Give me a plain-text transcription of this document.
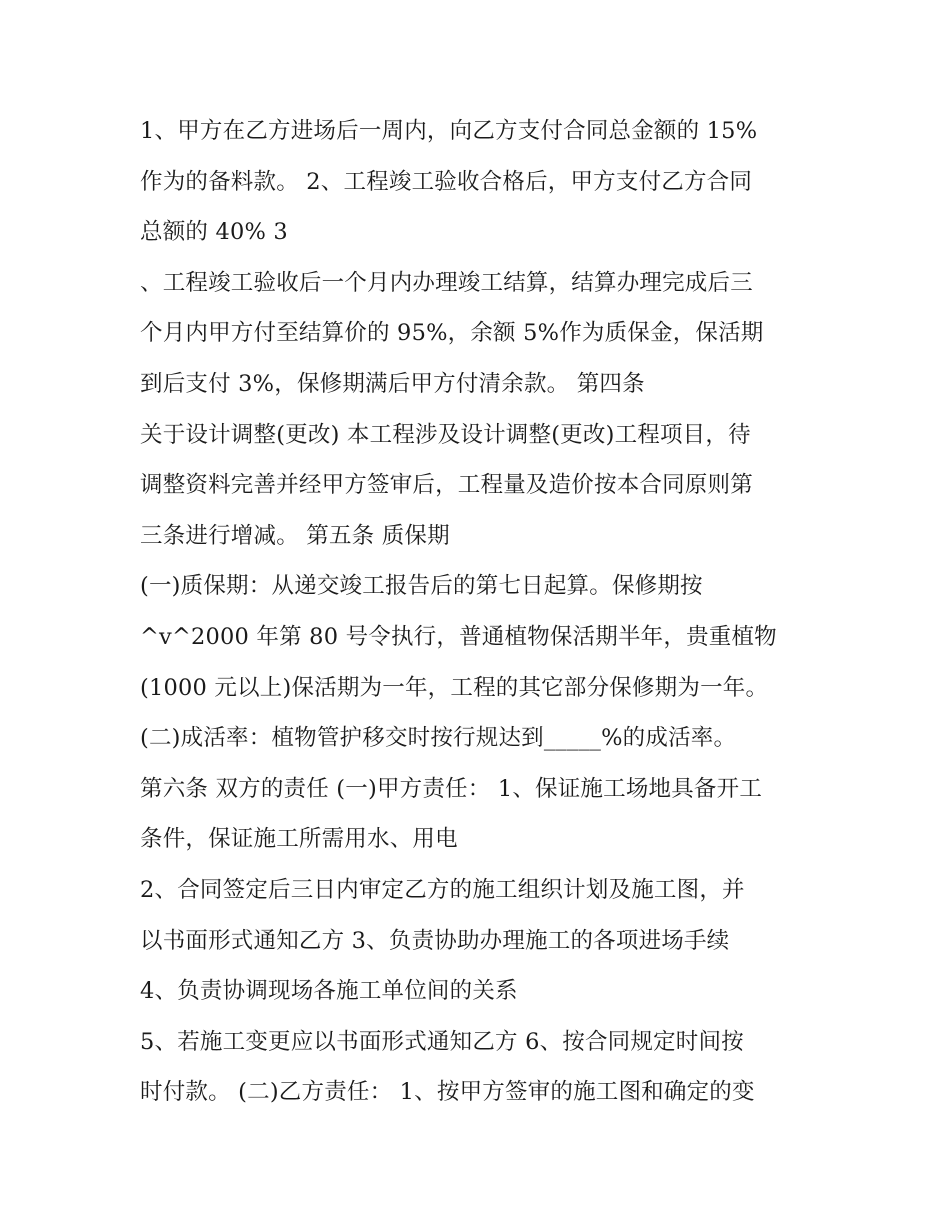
1、甲方在乙方进场后一周内，向乙方支付合同总金额的 15%
作为的备料款。 2、工程竣工验收合格后，甲方支付乙方合同
总额的 40% 3
、工程竣工验收后一个月内办理竣工结算，结算办理完成后三
个月内甲方付至结算价的 95%，余额 5%作为质保金，保活期
到后支付 3%，保修期满后甲方付清余款。 第四条
关于设计调整(更改) 本工程涉及设计调整(更改)工程项目，待
调整资料完善并经甲方签审后，工程量及造价按本合同原则第
三条进行增减。 第五条 质保期
(一)质保期：从递交竣工报告后的第七日起算。保修期按
^v^2000 年第 80 号令执行，普通植物保活期半年，贵重植物
(1000 元以上)保活期为一年，工程的其它部分保修期为一年。
(二)成活率：植物管护移交时按行规达到_____%的成活率。
第六条 双方的责任 (一)甲方责任： 1、保证施工场地具备开工
条件，保证施工所需用水、用电
2、合同签定后三日内审定乙方的施工组织计划及施工图，并
以书面形式通知乙方 3、负责协助办理施工的各项进场手续
4、负责协调现场各施工单位间的关系
5、若施工变更应以书面形式通知乙方 6、按合同规定时间按
时付款。 (二)乙方责任： 1、按甲方签审的施工图和确定的变
